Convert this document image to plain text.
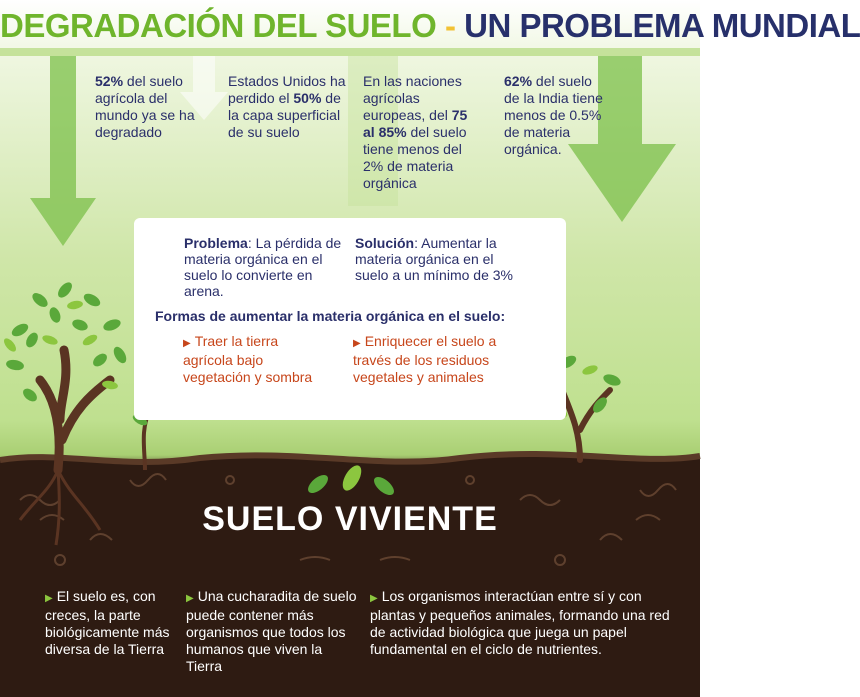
DEGRADACIÓN DEL SUELO - UN PROBLEMA MUNDIAL
52% del suelo agrícola del mundo ya se ha degradado
Estados Unidos ha perdido el 50% de la capa superficial de su suelo
En las naciones agrícolas europeas, del 75 al 85% del suelo tiene menos del 2% de materia orgánica
62% del suelo de la India tiene menos de 0.5% de materia orgánica.
Problema: La pérdida de materia orgánica en el suelo lo convierte en arena.
Solución: Aumentar la materia orgánica en el suelo a un mínimo de 3%
Formas de aumentar la materia orgánica en el suelo:
▶ Traer la tierra agrícola bajo vegetación y sombra
▶ Enriquecer el suelo a través de los residuos vegetales y animales
SUELO VIVIENTE
▶ El suelo es, con creces, la parte biológicamente más diversa de la Tierra
▶ Una cucharadita de suelo puede contener más organismos que todos los humanos que viven la Tierra
▶ Los organismos interactúan entre sí y con plantas y pequeños animales, formando una red de actividad biológica que juega un papel fundamental en el ciclo de nutrientes.
